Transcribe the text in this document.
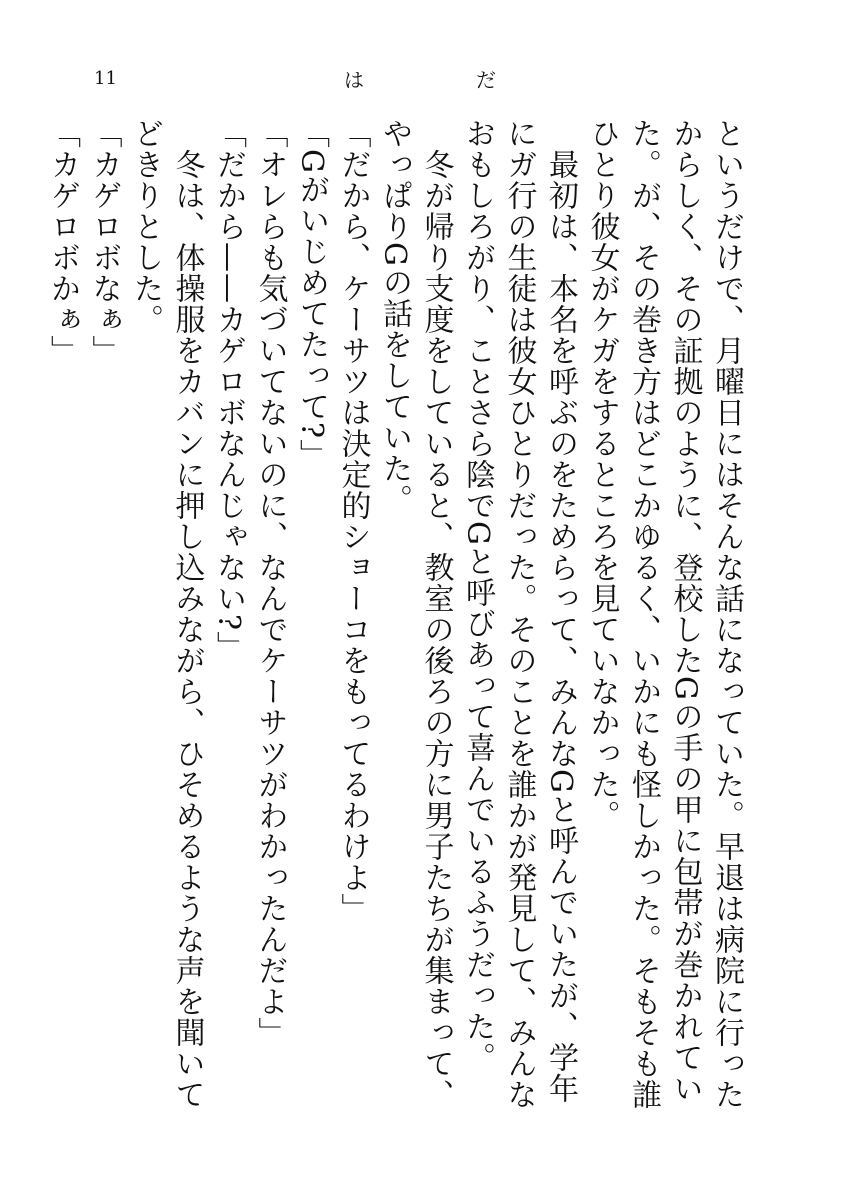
11	は	だ

というだけで、月曜日にはそんな話になっていた。早退は病院に行ったからしく、その証拠のように、登校したGの手の甲に包帯が巻かれていた。が、その巻き方はどこかゆるく、いかにも怪しかった。そもそも誰ひとり彼女がケガをするところを見ていなかった。

　最初は、本名を呼ぶのをためらって、みんなGと呼んでいたが、学年にガ行の生徒は彼女ひとりだった。そのことを誰かが発見して、みんなおもしろがり、ことさら陰でGと呼びあって喜んでいるふうだった。

　冬が帰り支度をしていると、教室の後ろの方に男子たちが集まって、やっぱりGの話をしていた。

「だから、ケーサツは決定的ショーコをもってるわけよ」

「Gがいじめてたって?」

「オレらも気づいてないのに、なんでケーサツがわかったんだよ」

「だから——カゲロボなんじゃない?」

　冬は、体操服をカバンに押し込みながら、ひそめるような声を聞いてどきりとした。

「カゲロボなぁ」

「カゲロボかぁ」
